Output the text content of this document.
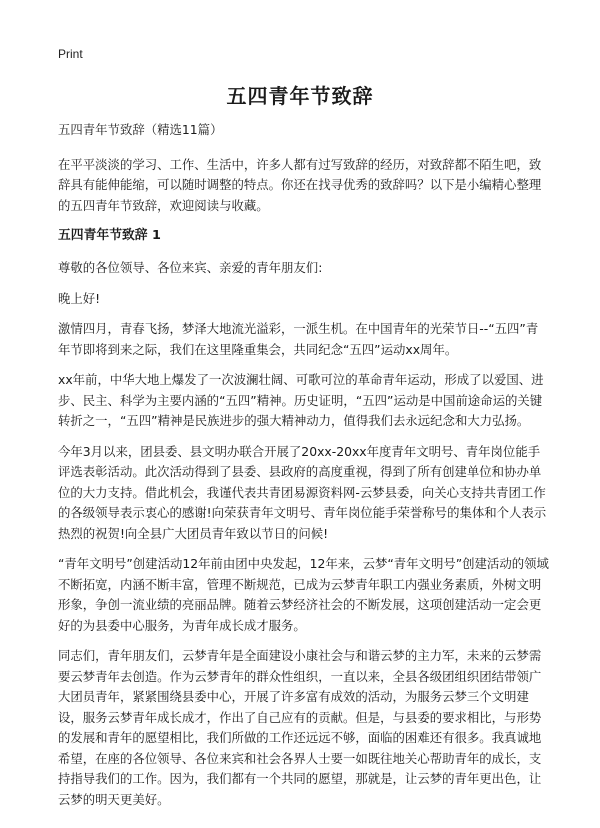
Print
五四青年节致辞

五四青年节致辞（精选11篇）

在平平淡淡的学习、工作、生活中，许多人都有过写致辞的经历，对致辞都不陌生吧，致辞具有能伸能缩，可以随时调整的特点。你还在找寻优秀的致辞吗？以下是小编精心整理的五四青年节致辞，欢迎阅读与收藏。

五四青年节致辞 1

尊敬的各位领导、各位来宾、亲爱的青年朋友们:

晚上好!

激情四月，青春飞扬，梦泽大地流光溢彩，一派生机。在中国青年的光荣节日--“五四”青年节即将到来之际，我们在这里隆重集会，共同纪念“五四”运动xx周年。

xx年前，中华大地上爆发了一次波澜壮阔、可歌可泣的革命青年运动，形成了以爱国、进步、民主、科学为主要内涵的“五四”精神。历史证明，“五四”运动是中国前途命运的关键转折之一，“五四”精神是民族进步的强大精神动力，值得我们去永远纪念和大力弘扬。

今年3月以来，团县委、县文明办联合开展了20xx-20xx年度青年文明号、青年岗位能手评选表彰活动。此次活动得到了县委、县政府的高度重视，得到了所有创建单位和协办单位的大力支持。借此机会，我谨代表共青团易源资料网-云梦县委，向关心支持共青团工作的各级领导表示衷心的感谢!向荣获青年文明号、青年岗位能手荣誉称号的集体和个人表示热烈的祝贺!向全县广大团员青年致以节日的问候!

“青年文明号”创建活动12年前由团中央发起，12年来，云梦“青年文明号”创建活动的领域不断拓宽，内涵不断丰富，管理不断规范，已成为云梦青年职工内强业务素质，外树文明形象，争创一流业绩的亮丽品牌。随着云梦经济社会的不断发展，这项创建活动一定会更好的为县委中心服务，为青年成长成才服务。

同志们，青年朋友们，云梦青年是全面建设小康社会与和谐云梦的主力军，未来的云梦需要云梦青年去创造。作为云梦青年的群众性组织，一直以来，全县各级团组织团结带领广大团员青年，紧紧围绕县委中心，开展了许多富有成效的活动，为服务云梦三个文明建设，服务云梦青年成长成才，作出了自己应有的贡献。但是，与县委的要求相比，与形势的发展和青年的愿望相比，我们所做的工作还远远不够，面临的困难还有很多。我真诚地希望，在座的各位领导、各位来宾和社会各界人士要一如既往地关心帮助青年的成长，支持指导我们的工作。因为，我们都有一个共同的愿望，那就是，让云梦的青年更出色，让云梦的明天更美好。
